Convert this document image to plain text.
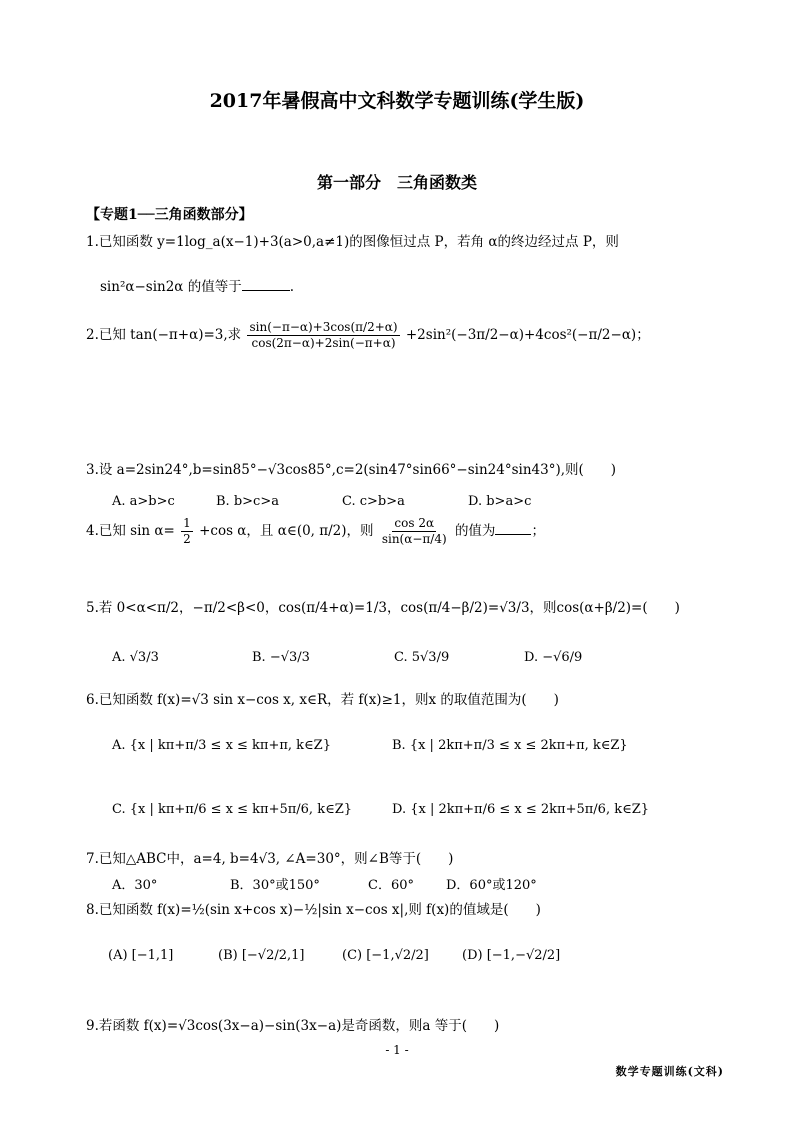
2017年暑假高中文科数学专题训练(学生版)
第一部分　三角函数类
【专题1──三角函数部分】
1.已知函数 y=1log_a(x−1)+3(a>0,a≠1)的图像恒过点 P，若角 α的终边经过点 P，则
sin²α−sin2α 的值等于	.
2.已知 tan(−π+α)=3,求 $\frac{\sin(-\pi-\alpha)+3\cos(\pi/2+\alpha)}{\cos(2\pi-\alpha)+2\sin(-\pi+\alpha)} +2\sin^2(-3\pi/2-\alpha)+4\cos^2(-\pi/2-\alpha)$；
3.设 a=2sin24°,b=sin85°−√3cos85°,c=2(sin47°sin66°−sin24°sin43°),则(　　)
A. a>b>c	B. b>c>a	C. c>b>a	D. b>a>c
4.已知 $\sin \alpha= \frac{1}{2} +\cos$ α，且 α∈(0, π/2)，则 $\frac{\cos 2\alpha}{\sin(\alpha-\pi/4)}$ 的值为	；
5.若 0<α<π/2，−π/2<β<0，cos(π/4+α)=1/3，cos(π/4−β/2)=√3/3，则cos(α+β/2)=(　　)
A. √3/3	B. −√3/3	C. 5√3/9	D. −√6/9
6.已知函数 f(x)=√3 sin x−cos x, x∈R，若 f(x)≥1，则x 的取值范围为(　　)
A. {x | kπ+π/3 ≤ x ≤ kπ+π, k∈Z}	B. {x | 2kπ+π/3 ≤ x ≤ 2kπ+π, k∈Z}
C. {x | kπ+π/6 ≤ x ≤ kπ+5π/6, k∈Z}	D. {x | 2kπ+π/6 ≤ x ≤ 2kπ+5π/6, k∈Z}
7.已知△ABC中，a=4, b=4√3, ∠A=30°，则∠B等于(　　)
A．30°	B．30°或150°	C．60° D．60°或120°
8.已知函数 f(x)=½(sin x+cos x)−½|sin x−cos x|,则 f(x)的值域是(　　)
(A) [−1,1]	(B) [−√2/2,1]	(C) [−1,√2/2]	(D) [−1,−√2/2]
9.若函数 f(x)=√3cos(3x−a)−sin(3x−a)是奇函数，则a 等于(　　)
- 1 -
数学专题训练(文科)
